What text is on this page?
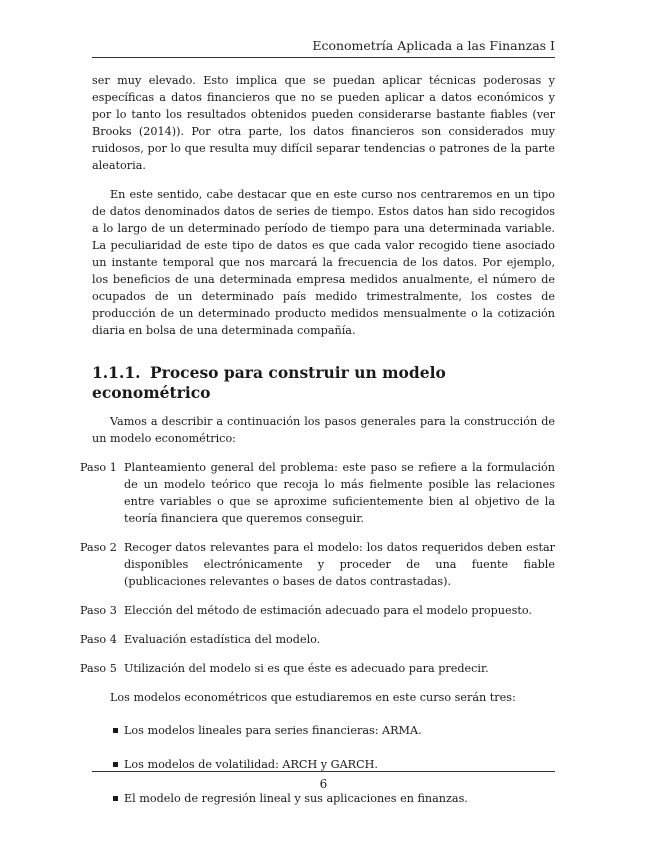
Econometría Aplicada a las Finanzas I

ser muy elevado. Esto implica que se puedan aplicar técnicas poderosas y específicas a datos financieros que no se pueden aplicar a datos económicos y por lo tanto los resultados obtenidos pueden considerarse bastante fiables (ver Brooks (2014)). Por otra parte, los datos financieros son considerados muy ruidosos, por lo que resulta muy difícil separar tendencias o patrones de la parte aleatoria.

En este sentido, cabe destacar que en este curso nos centraremos en un tipo de datos denominados datos de series de tiempo. Estos datos han sido recogidos a lo largo de un determinado período de tiempo para una determinada variable. La peculiaridad de este tipo de datos es que cada valor recogido tiene asociado un instante temporal que nos marcará la frecuencia de los datos. Por ejemplo, los beneficios de una determinada empresa medidos anualmente, el número de ocupados de un determinado país medido trimestralmente, los costes de producción de un determinado producto medidos mensualmente o la cotización diaria en bolsa de una determinada compañía.

1.1.1. Proceso para construir un modelo econométrico

Vamos a describir a continuación los pasos generales para la construcción de un modelo econométrico:

Paso 1 Planteamiento general del problema: este paso se refiere a la formulación de un modelo teórico que recoja lo más fielmente posible las relaciones entre variables o que se aproxime suficientemente bien al objetivo de la teoría financiera que queremos conseguir.
Paso 2 Recoger datos relevantes para el modelo: los datos requeridos deben estar disponibles electrónicamente y proceder de una fuente fiable (publicaciones relevantes o bases de datos contrastadas).
Paso 3 Elección del método de estimación adecuado para el modelo propuesto.
Paso 4 Evaluación estadística del modelo.
Paso 5 Utilización del modelo si es que éste es adecuado para predecir.

Los modelos econométricos que estudiaremos en este curso serán tres:

Los modelos lineales para series financieras: ARMA.
Los modelos de volatilidad: ARCH y GARCH.
El modelo de regresión lineal y sus aplicaciones en finanzas.
6
